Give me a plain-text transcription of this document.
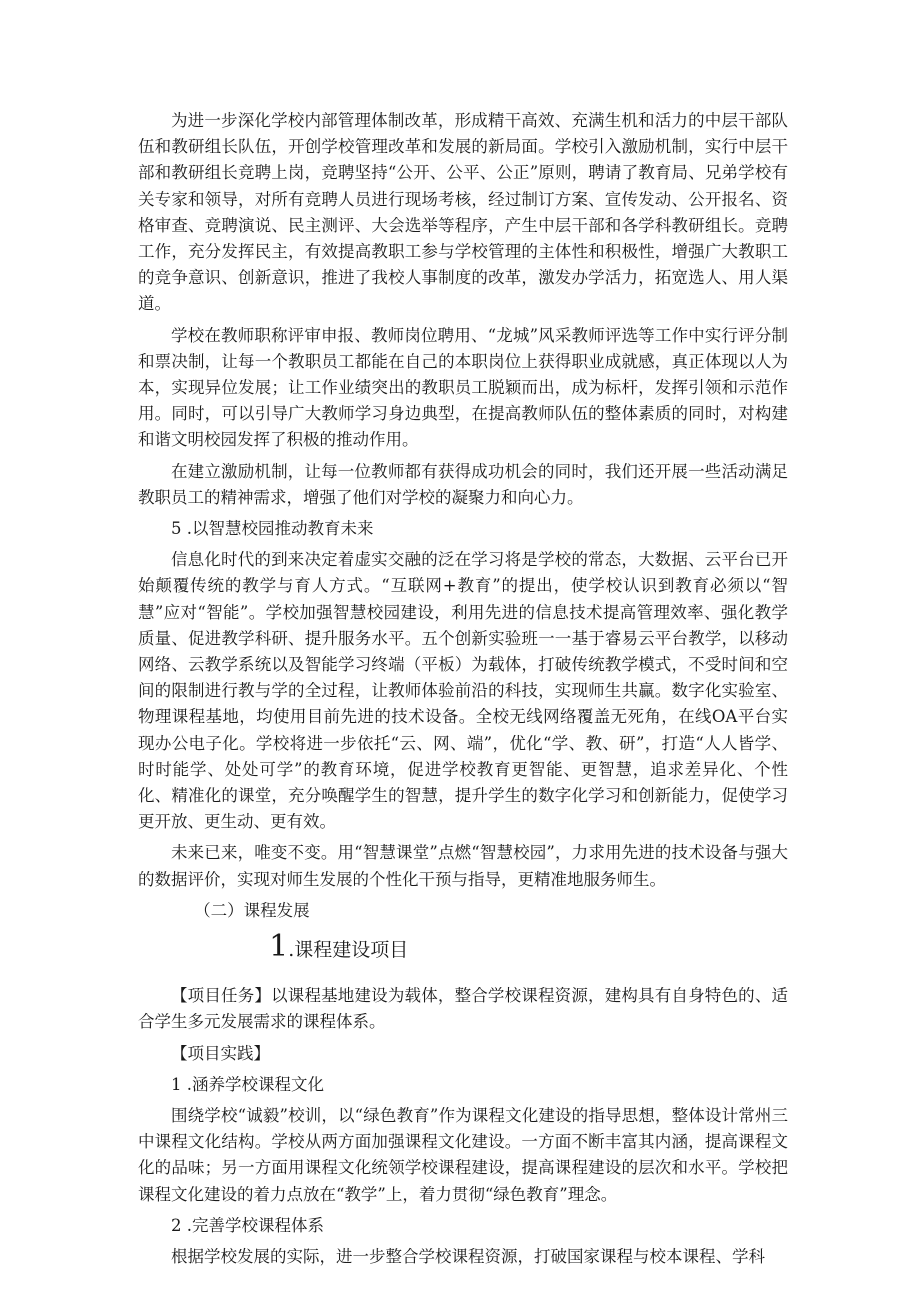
为进一步深化学校内部管理体制改革，形成精干高效、充满生机和活力的中层干部队伍和教研组长队伍，开创学校管理改革和发展的新局面。学校引入激励机制，实行中层干部和教研组长竞聘上岗，竞聘坚持“公开、公平、公正”原则，聘请了教育局、兄弟学校有关专家和领导，对所有竞聘人员进行现场考核，经过制订方案、宣传发动、公开报名、资格审查、竞聘演说、民主测评、大会选举等程序，产生中层干部和各学科教研组长。竞聘工作，充分发挥民主，有效提高教职工参与学校管理的主体性和积极性，增强广大教职工的竞争意识、创新意识，推进了我校人事制度的改革，激发办学活力，拓宽选人、用人渠道。

学校在教师职称评审申报、教师岗位聘用、“龙城”风采教师评选等工作中实行评分制和票决制，让每一个教职员工都能在自己的本职岗位上获得职业成就感，真正体现以人为本，实现异位发展；让工作业绩突出的教职员工脱颖而出，成为标杆，发挥引领和示范作用。同时，可以引导广大教师学习身边典型，在提高教师队伍的整体素质的同时，对构建和谐文明校园发挥了积极的推动作用。

在建立激励机制，让每一位教师都有获得成功机会的同时，我们还开展一些活动满足教职员工的精神需求，增强了他们对学校的凝聚力和向心力。

5 .以智慧校园推动教育未来

信息化时代的到来决定着虚实交融的泛在学习将是学校的常态，大数据、云平台已开始颠覆传统的教学与育人方式。“互联网+教育”的提出，使学校认识到教育必须以“智慧”应对“智能”。学校加强智慧校园建设，利用先进的信息技术提高管理效率、强化教学质量、促进教学科研、提升服务水平。五个创新实验班一一基于睿易云平台教学，以移动网络、云教学系统以及智能学习终端（平板）为载体，打破传统教学模式，不受时间和空间的限制进行教与学的全过程，让教师体验前沿的科技，实现师生共赢。数字化实验室、物理课程基地，均使用目前先进的技术设备。全校无线网络覆盖无死角，在线OA平台实现办公电子化。学校将进一步依托“云、网、端”，优化“学、教、研”，打造“人人皆学、时时能学、处处可学”的教育环境，促进学校教育更智能、更智慧，追求差异化、个性化、精准化的课堂，充分唤醒学生的智慧，提升学生的数字化学习和创新能力，促使学习更开放、更生动、更有效。

未来已来，唯变不变。用“智慧课堂”点燃“智慧校园”，力求用先进的技术设备与强大的数据评价，实现对师生发展的个性化干预与指导，更精准地服务师生。

（二）课程发展

1.课程建设项目

【项目任务】以课程基地建设为载体，整合学校课程资源，建构具有自身特色的、适合学生多元发展需求的课程体系。

【项目实践】

1 .涵养学校课程文化

围绕学校“诚毅”校训，以“绿色教育”作为课程文化建设的指导思想，整体设计常州三中课程文化结构。学校从两方面加强课程文化建设。一方面不断丰富其内涵，提高课程文化的品味；另一方面用课程文化统领学校课程建设，提高课程建设的层次和水平。学校把课程文化建设的着力点放在“教学”上，着力贯彻“绿色教育”理念。

2 .完善学校课程体系

根据学校发展的实际，进一步整合学校课程资源，打破国家课程与校本课程、学科
